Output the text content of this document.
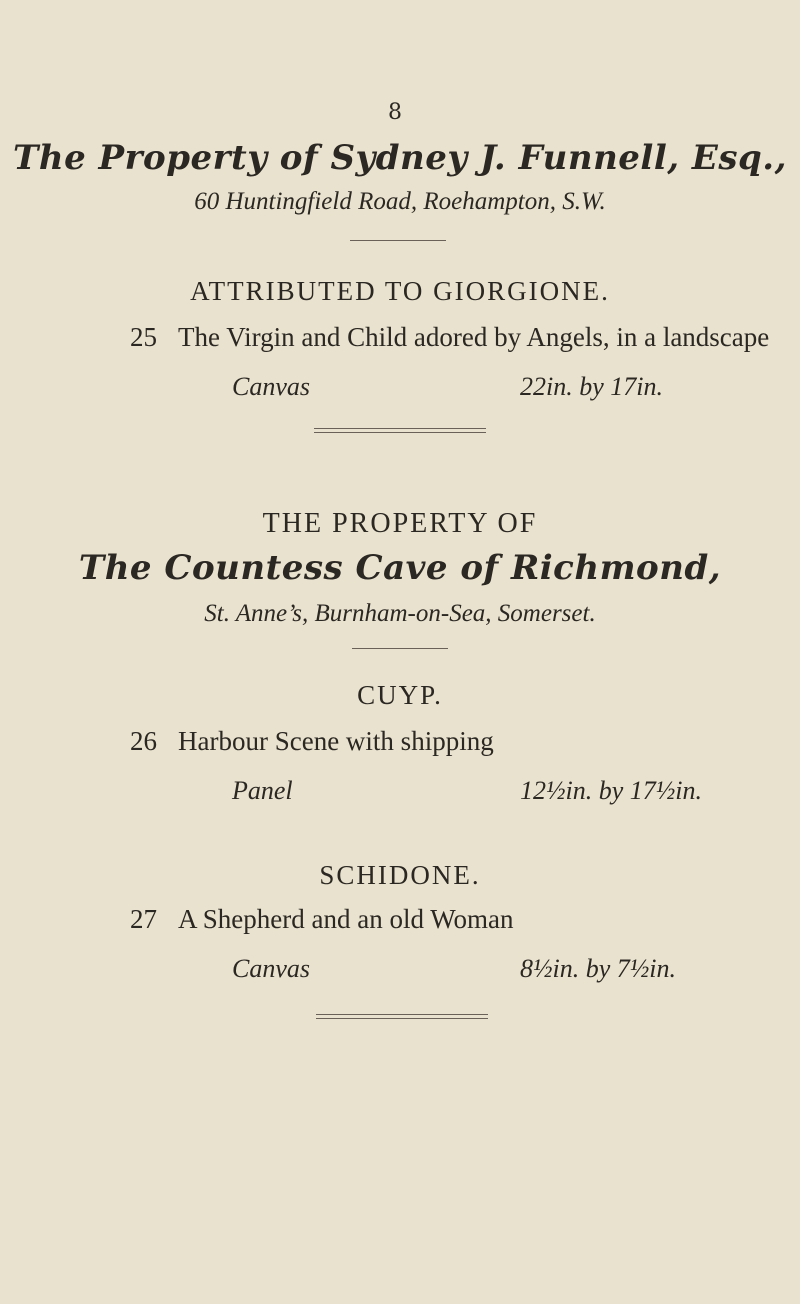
8
The Property of Sydney J. Funnell, Esq.,
60 Huntingfield Road, Roehampton, S.W.
ATTRIBUTED TO GIORGIONE.
25 The Virgin and Child adored by Angels, in a landscape
Canvas	22in. by 17in.
THE PROPERTY OF
The Countess Cave of Richmond,
St. Anne’s, Burnham-on-Sea, Somerset.
CUYP.
26 Harbour Scene with shipping
Panel	12½in. by 17½in.
SCHIDONE.
27 A Shepherd and an old Woman
Canvas	8½in. by 7½in.
